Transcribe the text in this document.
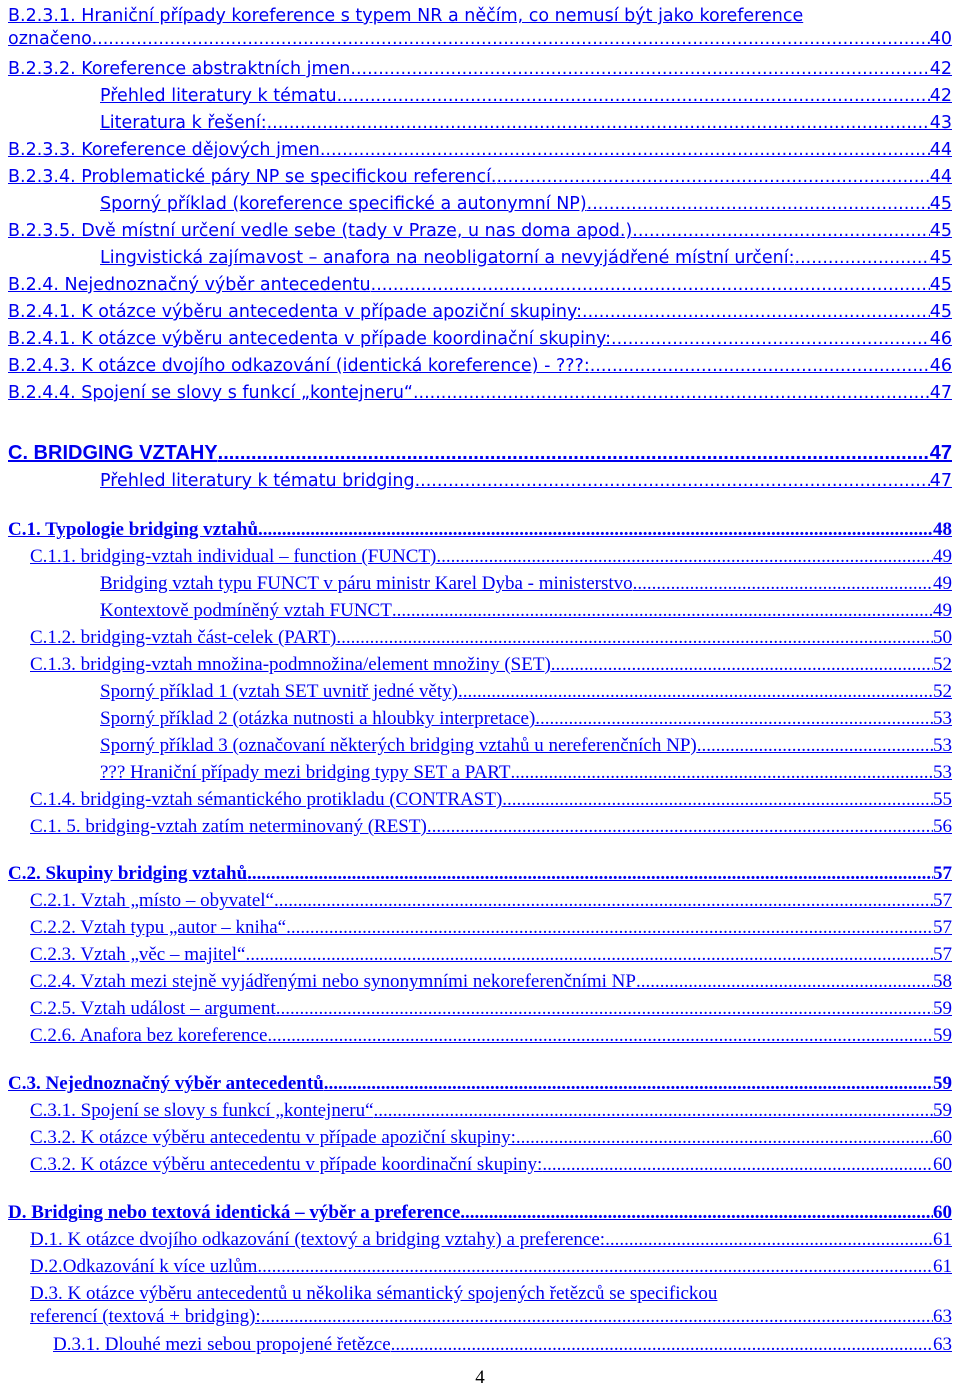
B.2.3.1. Hraniční případy koreference s typem NR a něčím, co nemusí být jako koreference
označeno. .....	40
B.2.3.2. Koreference abstraktních jmen. .....	42
Přehled literatury k tématu. .....	42
Literatura k řešení: .....	43
B.2.3.3. Koreference dějových jmen. .....	44
B.2.3.4. Problematické páry NP se specifickou referencí. .....	44
Sporný příklad (koreference specifické a autonymní NP) .....	45
B.2.3.5. Dvě místní určení vedle sebe (tady v Praze, u nas doma apod.) .....	45
Lingvistická zajímavost – anafora na neobligatorní a nevyjádřené místní určení: .....	45
B.2.4. Nejednoznačný výběr antecedentu .....	45
B.2.4.1. K otázce výběru antecedenta v případe apoziční skupiny: .....	45
B.2.4.1. K otázce výběru antecedenta v případe koordinační skupiny: .....	46
B.2.4.3. K otázce dvojího odkazování (identická koreference) - ???: .....	46
B.2.4.4. Spojení se slovy s funkcí „kontejneru“ .....	47
C. BRIDGING VZTAHY .....	47
Přehled literatury k tématu bridging .....	47
C.1. Typologie bridging vztahů .....	48
C.1.1. bridging-vztah individual – function (FUNCT) .....	49
Bridging vztah typu FUNCT v páru ministr Karel Dyba - ministerstvo .....	49
Kontextově podmíněný vztah FUNCT .....	49
C.1.2. bridging-vztah část-celek (PART) .....	50
C.1.3. bridging-vztah množina-podmnožina/element množiny (SET) .....	52
Sporný příklad 1 (vztah SET uvnitř jedné věty). .....	52
Sporný příklad 2 (otázka nutnosti a hloubky interpretace). .....	53
Sporný příklad 3 (označovaní některých bridging vztahů u nereferenčních NP) .....	53
??? Hraniční případy mezi bridging typy SET a PART .....	53
C.1.4. bridging-vztah sémantického protikladu (CONTRAST) .....	55
C.1. 5. bridging-vztah zatím neterminovaný (REST) .....	56
C.2. Skupiny bridging vztahů .....	57
C.2.1. Vztah „místo – obyvatel“. .....	57
C.2.2. Vztah typu „autor – kniha“ .....	57
C.2.3. Vztah „věc – majitel“ .....	57
C.2.4. Vztah mezi stejně vyjádřenými nebo synonymními nekoreferenčními NP .....	58
C.2.5. Vztah událost – argument .....	59
C.2.6. Anafora bez koreference .....	59
C.3. Nejednoznačný výběr antecedentů .....	59
C.3.1. Spojení se slovy s funkcí „kontejneru“ .....	59
C.3.2. K otázce výběru antecedentu v případe apoziční skupiny: .....	60
C.3.2. K otázce výběru antecedentu v případe koordinační skupiny: .....	60
D. Bridging nebo textová identická – výběr a preference .....	60
D.1. K otázce dvojího odkazování (textový a bridging vztahy) a preference: .....	61
D.2.Odkazování k více uzlům .....	61
D.3. K otázce výběru antecedentů u několika sémantický spojených řetězců se specifickou
referencí (textová + bridging): .....	63
D.3.1. Dlouhé mezi sebou propojené řetězce .....	63
4
